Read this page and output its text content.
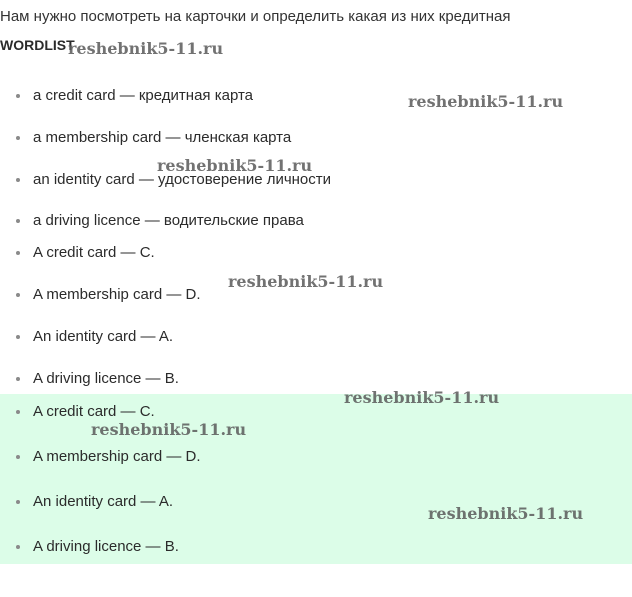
Нам нужно посмотреть на карточки и определить какая из них кредитная
WORDLIST
a credit card — кредитная карта
a membership card — членская карта
an identity card — удостоверение личности
a driving licence — водительские права
A credit card — C.
A membership card — D.
An identity card — A.
A driving licence — B.
A credit card — C.
A membership card — D.
An identity card — A.
A driving licence — B.
reshebnik5-11.ru
reshebnik5-11.ru
reshebnik5-11.ru
reshebnik5-11.ru
reshebnik5-11.ru
reshebnik5-11.ru
reshebnik5-11.ru
